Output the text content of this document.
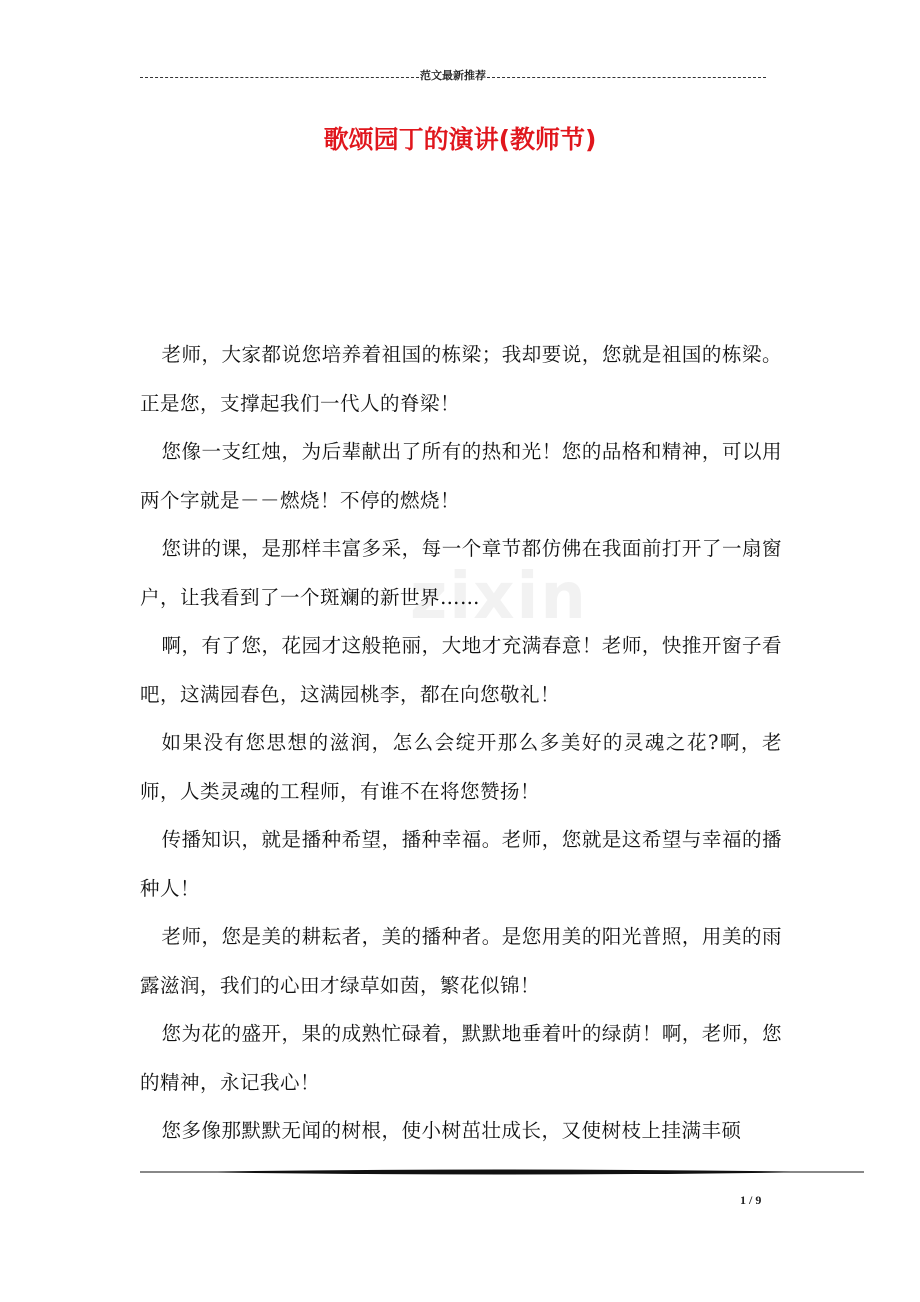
范文最新推荐
歌颂园丁的演讲(教师节)
zixin

老师，大家都说您培养着祖国的栋梁；我却要说，您就是祖国的栋梁。正是您，支撑起我们一代人的脊梁！

您像一支红烛，为后辈献出了所有的热和光！您的品格和精神，可以用两个字就是－－燃烧！不停的燃烧！

您讲的课，是那样丰富多采，每一个章节都仿佛在我面前打开了一扇窗户，让我看到了一个斑斓的新世界……

啊，有了您，花园才这般艳丽，大地才充满春意！老师，快推开窗子看吧，这满园春色，这满园桃李，都在向您敬礼！

如果没有您思想的滋润，怎么会绽开那么多美好的灵魂之花?啊，老师，人类灵魂的工程师，有谁不在将您赞扬！

传播知识，就是播种希望，播种幸福。老师，您就是这希望与幸福的播种人！

老师，您是美的耕耘者，美的播种者。是您用美的阳光普照，用美的雨露滋润，我们的心田才绿草如茵，繁花似锦！

您为花的盛开，果的成熟忙碌着，默默地垂着叶的绿荫！啊，老师，您的精神，永记我心！

您多像那默默无闻的树根，使小树茁壮成长，又使树枝上挂满丰硕

1 / 9
